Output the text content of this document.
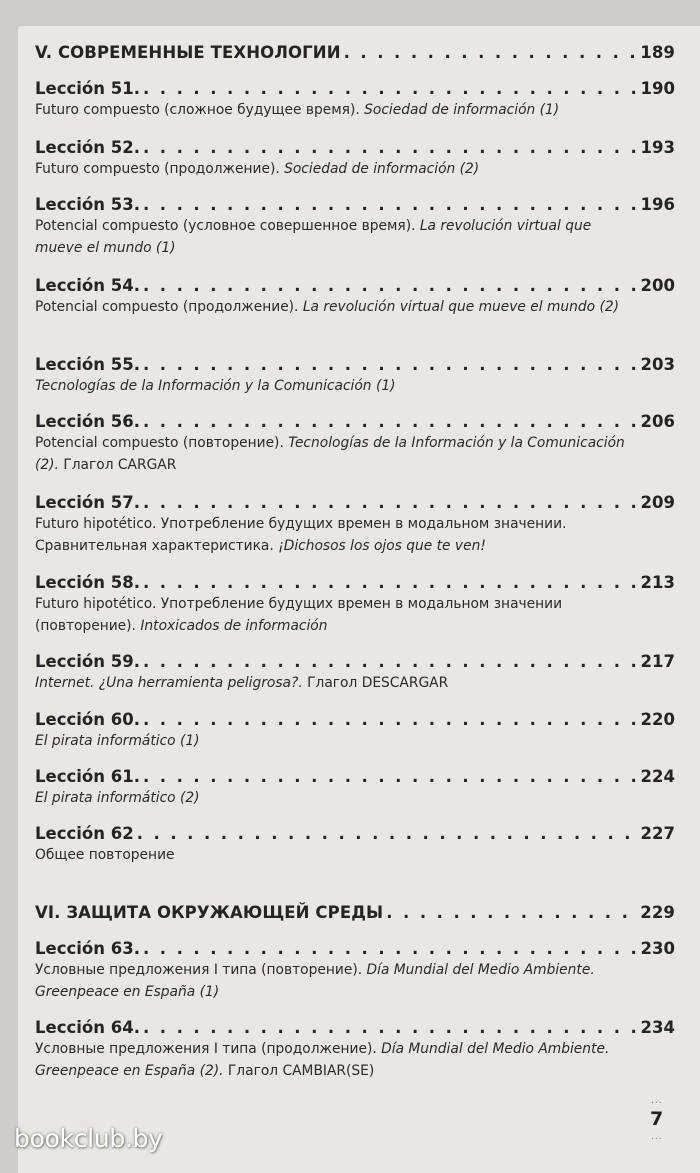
V. СОВРЕМЕННЫЕ ТЕХНОЛОГИИ . . .	189
Lección 51. . . .	190
Futuro compuesto (сложное будущее время). Sociedad de información (1)
Lección 52. . . .	193
Futuro compuesto (продолжение). Sociedad de información (2)
Lección 53. . . .	196
Potencial compuesto (условное совершенное время). La revolución virtual que mueve el mundo (1)
Lección 54. . . .	200
Potencial compuesto (продолжение). La revolución virtual que mueve el mundo (2)
Lección 55. . . .	203
Tecnologías de la Información y la Comunicación (1)
Lección 56. . . .	206
Potencial compuesto (повторение). Tecnologías de la Información y la Comunicación (2). Глагол CARGAR
Lección 57. . . .	209
Futuro hipotético. Употребление будущих времен в модальном значении. Сравнительная характеристика. ¡Dichosos los ojos que te ven!
Lección 58. . . .	213
Futuro hipotético. Употребление будущих времен в модальном значении (повторение). Intoxicados de información
Lección 59. . . .	217
Internet. ¿Una herramienta peligrosa?. Глагол DESCARGAR
Lección 60. . . .	220
El pirata informático (1)
Lección 61. . . .	224
El pirata informático (2)
Lección 62 . . .	227
Общее повторение
VI. ЗАЩИТА ОКРУЖАЮЩЕЙ СРЕДЫ . . .	229
Lección 63. . . .	230
Условные предложения I типа (повторение). Día Mundial del Medio Ambiente. Greenpeace en España (1)
Lección 64. . . .	234
Условные предложения I типа (продолжение). Día Mundial del Medio Ambiente. Greenpeace en España (2). Глагол CAMBIAR(SE)
...
7
...
bookclub.by
